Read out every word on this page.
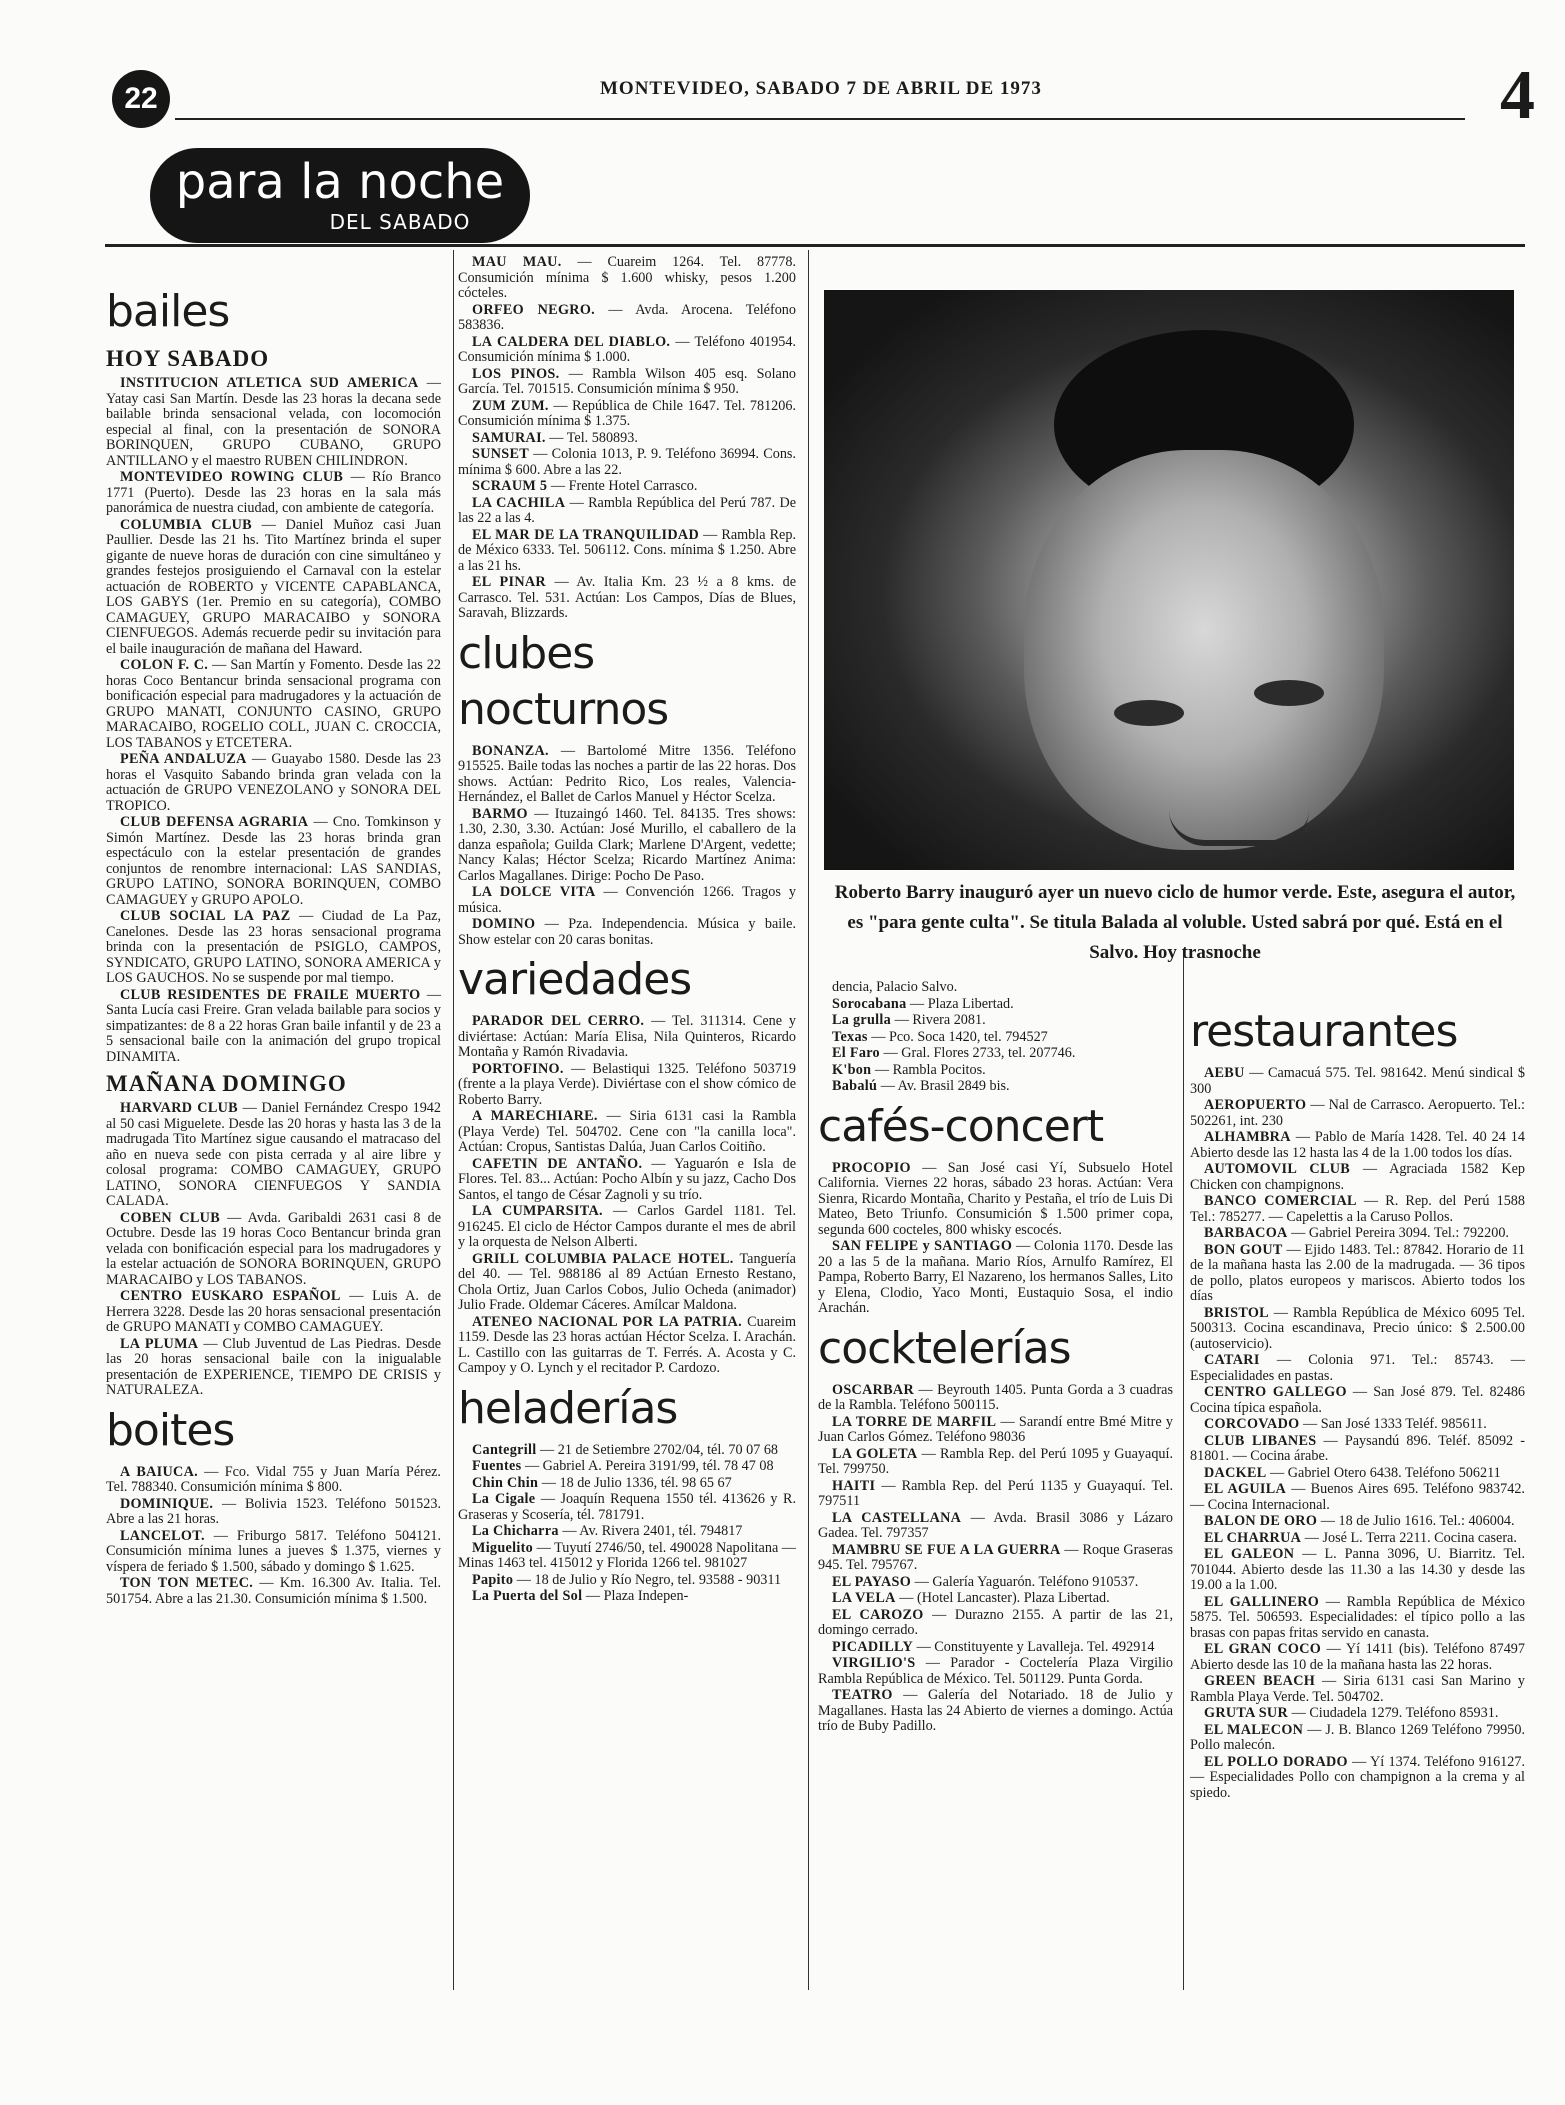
22	MONTEVIDEO, SABADO 7 DE ABRIL DE 1973	4
para la noche
DEL SABADO
bailes
HOY SABADO
INSTITUCION ATLETICA SUD AMERICA — Yatay casi San Martín. Desde las 23 horas la decana sede bailable brinda sensacional velada, con locomoción especial al final, con la presentación de SONORA BORINQUEN, GRUPO CUBANO, GRUPO ANTILLANO y el maestro RUBEN CHILINDRON.
MONTEVIDEO ROWING CLUB — Río Branco 1771 (Puerto). Desde las 23 horas en la sala más panorámica de nuestra ciudad, con ambiente de categoría.
COLUMBIA CLUB — Daniel Muñoz casi Juan Paullier. Desde las 21 hs. Tito Martínez brinda el super gigante de nueve horas de duración con cine simultáneo y grandes festejos prosiguiendo el Carnaval con la estelar actuación de ROBERTO y VICENTE CAPABLANCA, LOS GABYS (1er. Premio en su categoría), COMBO CAMAGUEY, GRUPO MARACAIBO y SONORA CIENFUEGOS. Además recuerde pedir su invitación para el baile inauguración de mañana del Haward.
COLON F. C. — San Martín y Fomento. Desde las 22 horas Coco Bentancur brinda sensacional programa con bonificación especial para madrugadores y la actuación de GRUPO MANATI, CONJUNTO CASINO, GRUPO MARACAIBO, ROGELIO COLL, JUAN C. CROCCIA, LOS TABANOS y ETCETERA.
PEÑA ANDALUZA — Guayabo 1580. Desde las 23 horas el Vasquito Sabando brinda gran velada con la actuación de GRUPO VENEZOLANO y SONORA DEL TROPICO.
CLUB DEFENSA AGRARIA — Cno. Tomkinson y Simón Martínez. Desde las 23 horas brinda gran espectáculo con la estelar presentación de grandes conjuntos de renombre internacional: LAS SANDIAS, GRUPO LATINO, SONORA BORINQUEN, COMBO CAMAGUEY y GRUPO APOLO.
CLUB SOCIAL LA PAZ — Ciudad de La Paz, Canelones. Desde las 23 horas sensacional programa brinda con la presentación de PSIGLO, CAMPOS, SYNDICATO, GRUPO LATINO, SONORA AMERICA y LOS GAUCHOS. No se suspende por mal tiempo.
CLUB RESIDENTES DE FRAILE MUERTO — Santa Lucía casi Freire. Gran velada bailable para socios y simpatizantes: de 8 a 22 horas Gran baile infantil y de 23 a 5 sensacional baile con la animación del grupo tropical DINAMITA.
MAÑANA DOMINGO
HARVARD CLUB — Daniel Fernández Crespo 1942 al 50 casi Miguelete. Desde las 20 horas y hasta las 3 de la madrugada Tito Martínez sigue causando el matracaso del año en nueva sede con pista cerrada y al aire libre y colosal programa: COMBO CAMAGUEY, GRUPO LATINO, SONORA CIENFUEGOS Y SANDIA CALADA.
COBEN CLUB — Avda. Garibaldi 2631 casi 8 de Octubre. Desde las 19 horas Coco Bentancur brinda gran velada con bonificación especial para los madrugadores y la estelar actuación de SONORA BORINQUEN, GRUPO MARACAIBO y LOS TABANOS.
CENTRO EUSKARO ESPAÑOL — Luis A. de Herrera 3228. Desde las 20 horas sensacional presentación de GRUPO MANATI y COMBO CAMAGUEY.
LA PLUMA — Club Juventud de Las Piedras. Desde las 20 horas sensacional baile con la inigualable presentación de EXPERIENCE, TIEMPO DE CRISIS y NATURALEZA.
boites
A BAIUCA. — Fco. Vidal 755 y Juan María Pérez. Tel. 788340. Consumición mínima $ 800.
DOMINIQUE. — Bolivia 1523. Teléfono 501523. Abre a las 21 horas.
LANCELOT. — Friburgo 5817. Teléfono 504121. Consumición mínima lunes a jueves $ 1.375, viernes y víspera de feriado $ 1.500, sábado y domingo $ 1.625.
TON TON METEC. — Km. 16.300 Av. Italia. Tel. 501754. Abre a las 21.30. Consumición mínima $ 1.500.
MAU MAU. — Cuareim 1264. Tel. 87778. Consumición mínima $ 1.600 whisky, pesos 1.200 cócteles.
ORFEO NEGRO. — Avda. Arocena. Teléfono 583836.
LA CALDERA DEL DIABLO. — Teléfono 401954. Consumición mínima $ 1.000.
LOS PINOS. — Rambla Wilson 405 esq. Solano García. Tel. 701515. Consumición mínima $ 950.
ZUM ZUM. — República de Chile 1647. Tel. 781206. Consumición mínima $ 1.375.
SAMURAI. — Tel. 580893.
SUNSET — Colonia 1013, P. 9. Teléfono 36994. Cons. mínima $ 600. Abre a las 22.
SCRAUM 5 — Frente Hotel Carrasco.
LA CACHILA — Rambla República del Perú 787. De las 22 a las 4.
EL MAR DE LA TRANQUILIDAD — Rambla Rep. de México 6333. Tel. 506112. Cons. mínima $ 1.250. Abre a las 21 hs.
EL PINAR — Av. Italia Km. 23 ½ a 8 kms. de Carrasco. Tel. 531. Actúan: Los Campos, Días de Blues, Saravah, Blizzards.
clubes nocturnos
BONANZA. — Bartolomé Mitre 1356. Teléfono 915525. Baile todas las noches a partir de las 22 horas. Dos shows. Actúan: Pedrito Rico, Los reales, Valencia-Hernández, el Ballet de Carlos Manuel y Héctor Scelza.
BARMO — Ituzaingó 1460. Tel. 84135. Tres shows: 1.30, 2.30, 3.30. Actúan: José Murillo, el caballero de la danza española; Guilda Clark; Marlene D'Argent, vedette; Nancy Kalas; Héctor Scelza; Ricardo Martínez Anima: Carlos Magallanes. Dirige: Pocho De Paso.
LA DOLCE VITA — Convención 1266. Tragos y música.
DOMINO — Pza. Independencia. Música y baile. Show estelar con 20 caras bonitas.
variedades
PARADOR DEL CERRO. — Tel. 311314. Cene y diviértase: Actúan: María Elisa, Nila Quinteros, Ricardo Montaña y Ramón Rivadavia.
PORTOFINO. — Belastiqui 1325. Teléfono 503719 (frente a la playa Verde). Diviértase con el show cómico de Roberto Barry.
A MARECHIARE. — Siria 6131 casi la Rambla (Playa Verde) Tel. 504702. Cene con "la canilla loca". Actúan: Cropus, Santistas Dalúa, Juan Carlos Coitiño.
CAFETIN DE ANTAÑO. — Yaguarón e Isla de Flores. Tel. 83... Actúan: Pocho Albín y su jazz, Cacho Dos Santos, el tango de César Zagnoli y su trío.
LA CUMPARSITA. — Carlos Gardel 1181. Tel. 916245. El ciclo de Héctor Campos durante el mes de abril y la orquesta de Nelson Alberti.
GRILL COLUMBIA PALACE HOTEL. Tanguería del 40. — Tel. 988186 al 89 Actúan Ernesto Restano, Chola Ortiz, Juan Carlos Cobos, Julio Ocheda (animador) Julio Frade. Oldemar Cáceres. Amílcar Maldona.
ATENEO NACIONAL POR LA PATRIA. Cuareim 1159. Desde las 23 horas actúan Héctor Scelza. I. Arachán. L. Castillo con las guitarras de T. Ferrés. A. Acosta y C. Campoy y O. Lynch y el recitador P. Cardozo.
heladerías
Cantegrill — 21 de Setiembre 2702/04, tél. 70 07 68
Fuentes — Gabriel A. Pereira 3191/99, tél. 78 47 08
Chin Chin — 18 de Julio 1336, tél. 98 65 67
La Cigale — Joaquín Requena 1550 tél. 413626 y R. Graseras y Scosería, tél. 781791.
La Chicharra — Av. Rivera 2401, tél. 794817
Miguelito — Tuyutí 2746/50, tel. 490028 Napolitana — Minas 1463 tel. 415012 y Florida 1266 tel. 981027
Papito — 18 de Julio y Río Negro, tel. 93588 - 90311
La Puerta del Sol — Plaza Indepen-
Roberto Barry inauguró ayer un nuevo ciclo de humor verde. Este, asegura el autor, es "para gente culta". Se titula Balada al voluble. Usted sabrá por qué. Está en el Salvo. Hoy trasnoche
dencia, Palacio Salvo.
Sorocabana — Plaza Libertad.
La grulla — Rivera 2081.
Texas — Pco. Soca 1420, tel. 794527
El Faro — Gral. Flores 2733, tel. 207746.
K'bon — Rambla Pocitos.
Babalú — Av. Brasil 2849 bis.
cafés-concert
PROCOPIO — San José casi Yí, Subsuelo Hotel California. Viernes 22 horas, sábado 23 horas. Actúan: Vera Sienra, Ricardo Montaña, Charito y Pestaña, el trío de Luis Di Mateo, Beto Triunfo. Consumición $ 1.500 primer copa, segunda 600 cocteles, 800 whisky escocés.
SAN FELIPE y SANTIAGO — Colonia 1170. Desde las 20 a las 5 de la mañana. Mario Ríos, Arnulfo Ramírez, El Pampa, Roberto Barry, El Nazareno, los hermanos Salles, Lito y Elena, Clodio, Yaco Monti, Eustaquio Sosa, el indio Arachán.
cocktelerías
OSCARBAR — Beyrouth 1405. Punta Gorda a 3 cuadras de la Rambla. Teléfono 500115.
LA TORRE DE MARFIL — Sarandí entre Bmé Mitre y Juan Carlos Gómez. Teléfono 98036
LA GOLETA — Rambla Rep. del Perú 1095 y Guayaquí. Tel. 799750.
HAITI — Rambla Rep. del Perú 1135 y Guayaquí. Tel. 797511
LA CASTELLANA — Avda. Brasil 3086 y Lázaro Gadea. Tel. 797357
MAMBRU SE FUE A LA GUERRA — Roque Graseras 945. Tel. 795767.
EL PAYASO — Galería Yaguarón. Teléfono 910537.
LA VELA — (Hotel Lancaster). Plaza Libertad.
EL CAROZO — Durazno 2155. A partir de las 21, domingo cerrado.
PICADILLY — Constituyente y Lavalleja. Tel. 492914
VIRGILIO'S — Parador - Coctelería Plaza Virgilio Rambla República de México. Tel. 501129. Punta Gorda.
TEATRO — Galería del Notariado. 18 de Julio y Magallanes. Hasta las 24 Abierto de viernes a domingo. Actúa trío de Buby Padillo.
restaurantes
AEBU — Camacuá 575. Tel. 981642. Menú sindical $ 300
AEROPUERTO — Nal de Carrasco. Aeropuerto. Tel.: 502261, int. 230
ALHAMBRA — Pablo de María 1428. Tel. 40 24 14 Abierto desde las 12 hasta las 4 de la 1.00 todos los días.
AUTOMOVIL CLUB — Agraciada 1582 Kep Chicken con champignons.
BANCO COMERCIAL — R. Rep. del Perú 1588 Tel.: 785277. — Capelettis a la Caruso Pollos.
BARBACOA — Gabriel Pereira 3094. Tel.: 792200.
BON GOUT — Ejido 1483. Tel.: 87842. Horario de 11 de la mañana hasta las 2.00 de la madrugada. — 36 tipos de pollo, platos europeos y mariscos. Abierto todos los días
BRISTOL — Rambla República de México 6095 Tel. 500313. Cocina escandinava, Precio único: $ 2.500.00 (autoservicio).
CATARI — Colonia 971. Tel.: 85743. — Especialidades en pastas.
CENTRO GALLEGO — San José 879. Tel. 82486 Cocina típica española.
CORCOVADO — San José 1333 Teléf. 985611.
CLUB LIBANES — Paysandú 896. Teléf. 85092 - 81801. — Cocina árabe.
DACKEL — Gabriel Otero 6438. Teléfono 506211
EL AGUILA — Buenos Aires 695. Teléfono 983742. — Cocina Internacional.
BALON DE ORO — 18 de Julio 1616. Tel.: 406004.
EL CHARRUA — José L. Terra 2211. Cocina casera.
EL GALEON — L. Panna 3096, U. Biarritz. Tel. 701044. Abierto desde las 11.30 a las 14.30 y desde las 19.00 a la 1.00.
EL GALLINERO — Rambla República de México 5875. Tel. 506593. Especialidades: el típico pollo a las brasas con papas fritas servido en canasta.
EL GRAN COCO — Yí 1411 (bis). Teléfono 87497 Abierto desde las 10 de la mañana hasta las 22 horas.
GREEN BEACH — Siria 6131 casi San Marino y Rambla Playa Verde. Tel. 504702.
GRUTA SUR — Ciudadela 1279. Teléfono 85931.
EL MALECON — J. B. Blanco 1269 Teléfono 79950. Pollo malecón.
EL POLLO DORADO — Yí 1374. Teléfono 916127. — Especialidades Pollo con champignon a la crema y al spiedo.
